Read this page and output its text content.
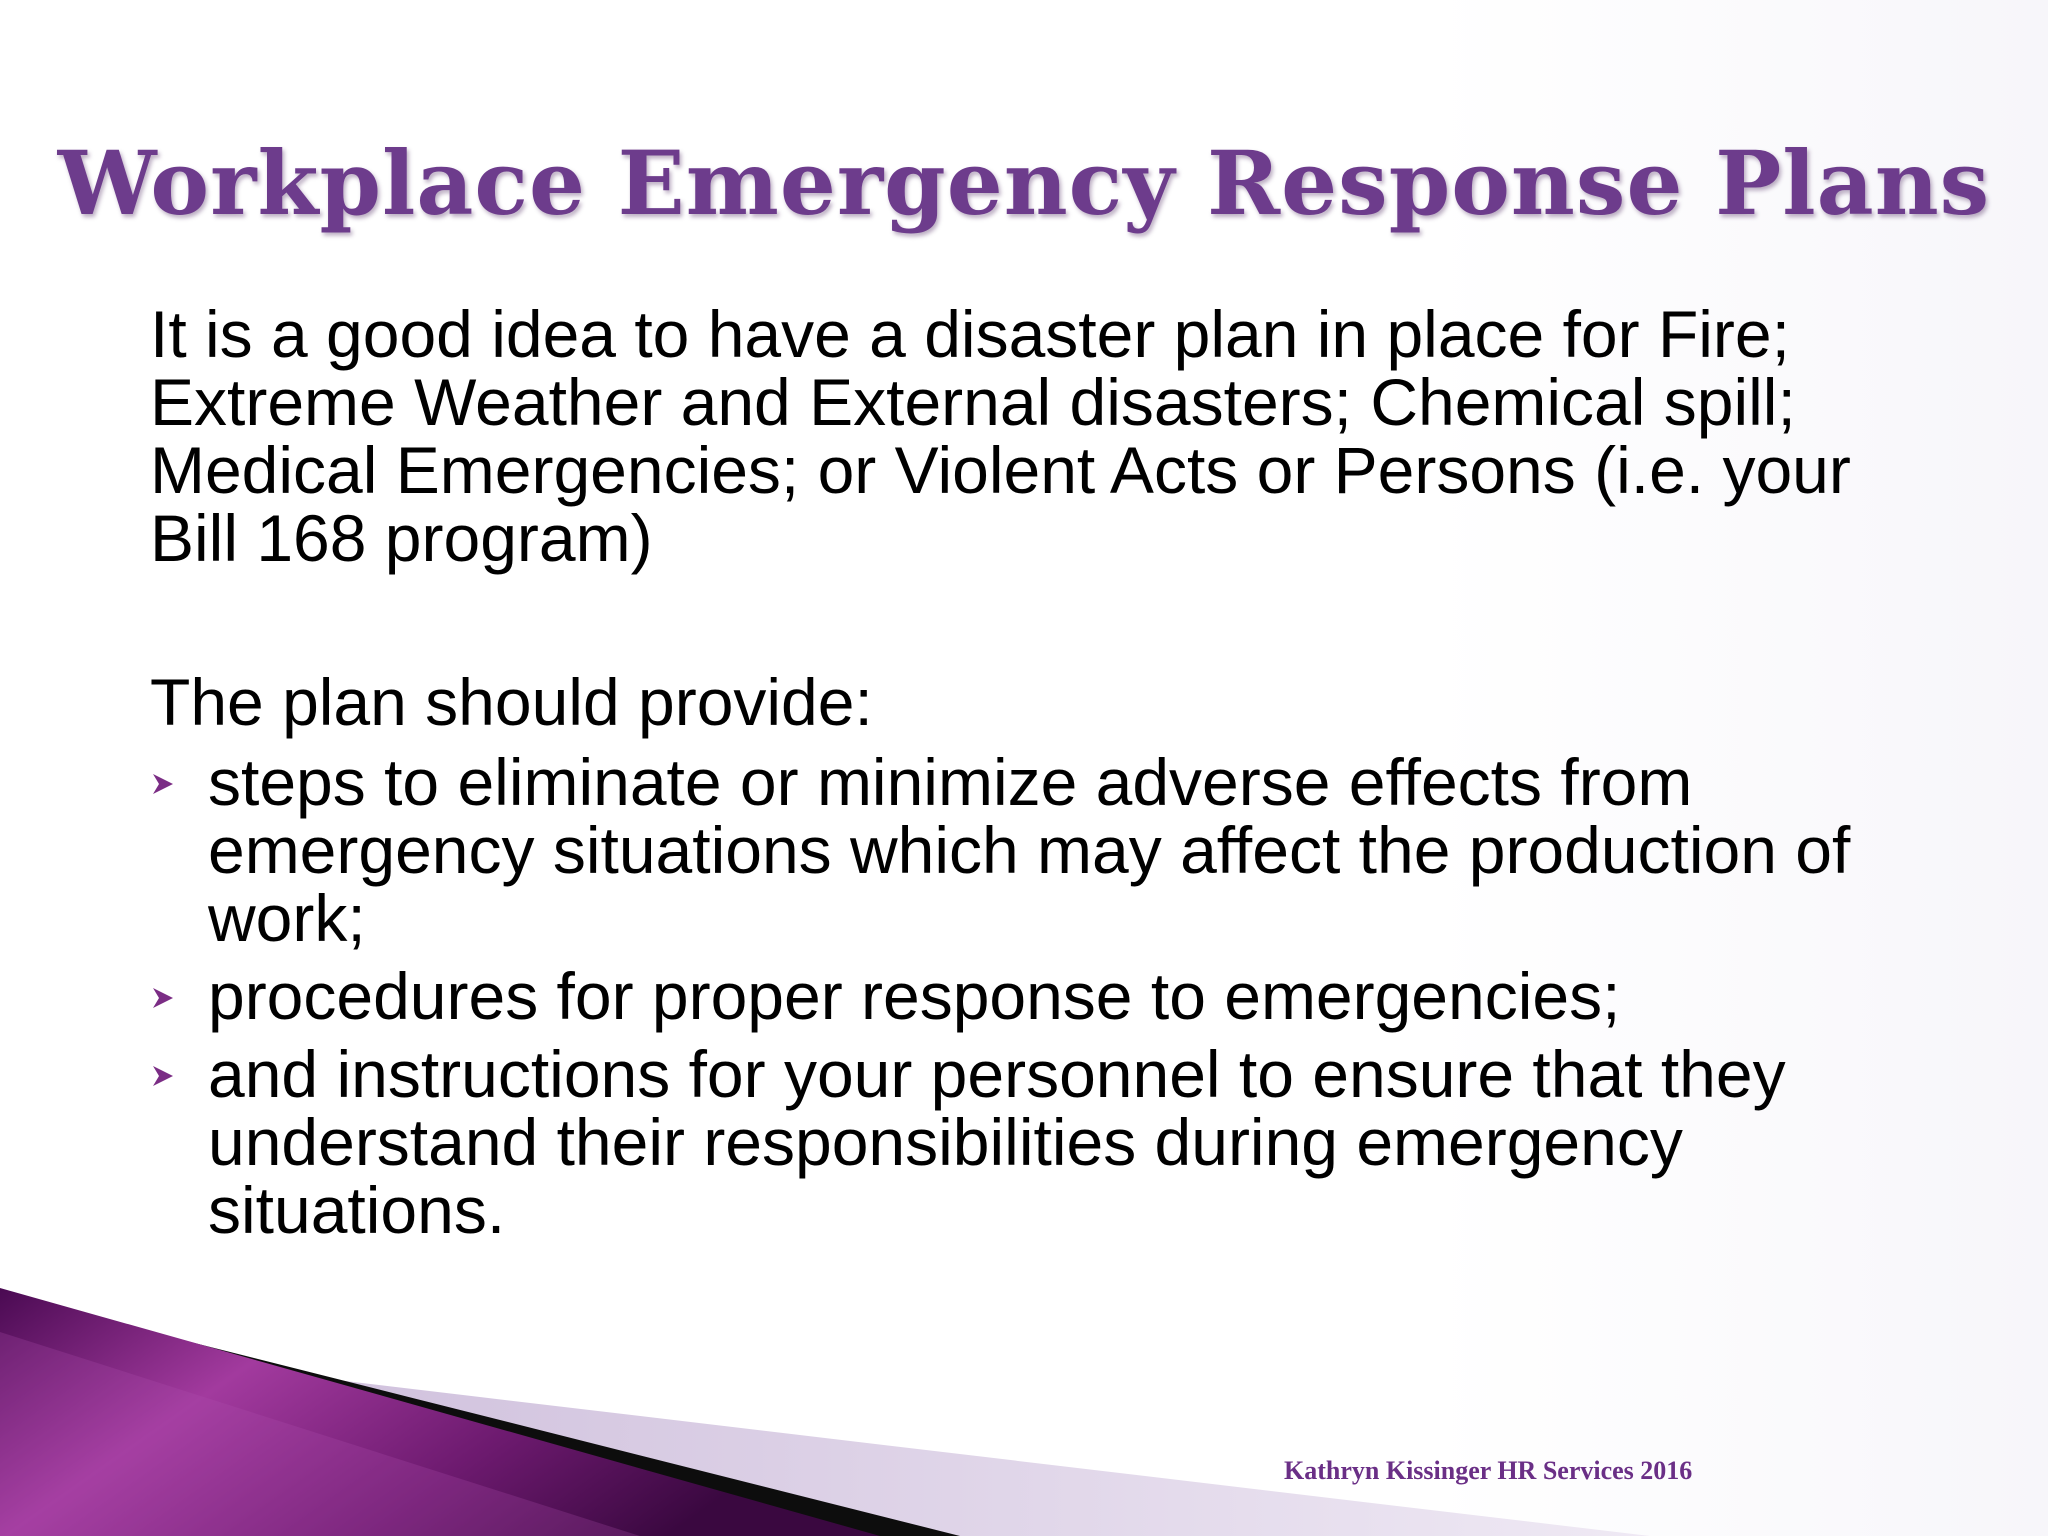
Workplace Emergency Response Plans
It is a good idea to have a disaster plan in place for Fire; Extreme Weather and External disasters; Chemical spill; Medical Emergencies; or Violent Acts or Persons (i.e. your Bill 168 program)
The plan should provide:
steps to eliminate or minimize adverse effects from emergency situations which may affect the production of work;
procedures for proper response to emergencies;
and instructions for your personnel to ensure that they understand their responsibilities during emergency situations.
Kathryn Kissinger HR Services 2016
